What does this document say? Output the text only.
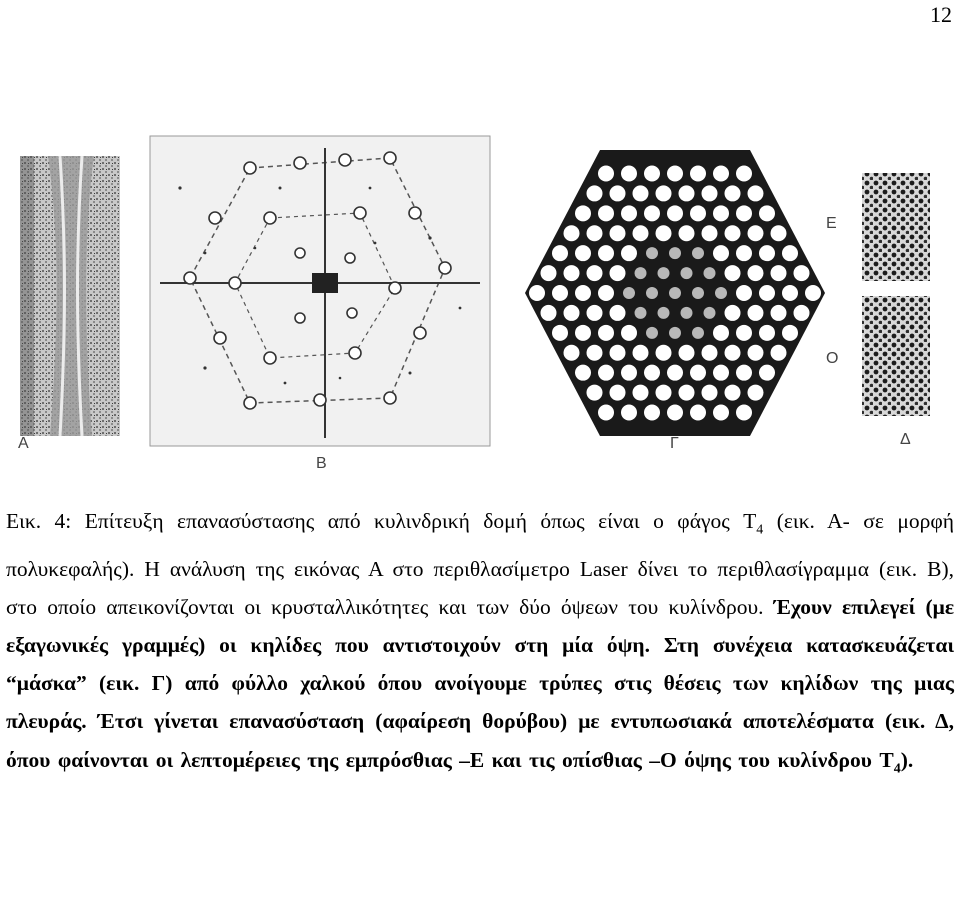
12
Α
Β
Γ
Ε
Ο
Δ

Εικ. 4: Επίτευξη επανασύστασης από κυλινδρική δομή όπως είναι ο φάγος $T_4$ (εικ. Α- σε μορφή πολυκεφαλής). Η ανάλυση της εικόνας Α στο περιθλασίμετρο Laser δίνει το περιθλασίγραμμα (εικ. Β), στο οποίο απεικονίζονται οι κρυσταλλικότητες και των δύο όψεων του κυλίνδρου. Έχουν επιλεγεί (με εξαγωνικές γραμμές) οι κηλίδες που αντιστοιχούν στη μία όψη. Στη συνέχεια κατασκευάζεται “μάσκα” (εικ. Γ) από φύλλο χαλκού όπου ανοίγουμε τρύπες στις θέσεις των κηλίδων της μιας πλευράς. Έτσι γίνεται επανασύσταση (αφαίρεση θορύβου) με εντυπωσιακά αποτελέσματα (εικ. Δ, όπου φαίνονται οι λεπτομέρειες της εμπρόσθιας –Ε και τις οπίσθιας –Ο όψης του κυλίνδρου $T_4$).
